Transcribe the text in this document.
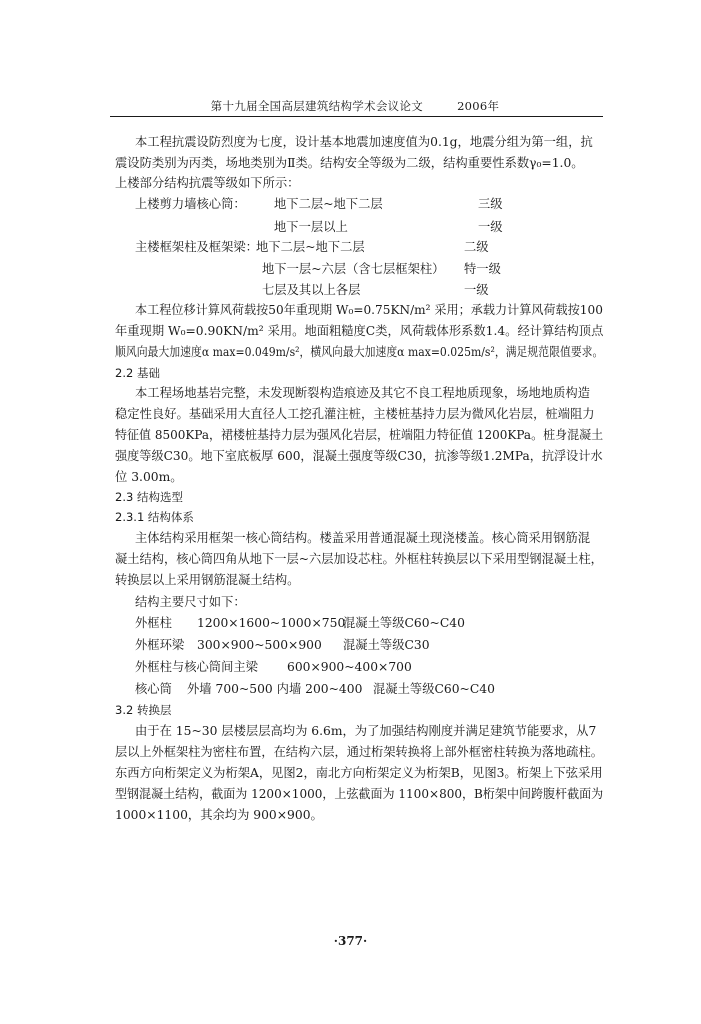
第十九届全国高层建筑结构学术会议论文	2006年
本工程抗震设防烈度为七度，设计基本地震加速度值为0.1g，地震分组为第一组，抗
震设防类别为丙类，场地类别为Ⅱ类。结构安全等级为二级，结构重要性系数γ₀=1.0。
上楼部分结构抗震等级如下所示：
上楼剪力墙核心筒： 地下二层~地下二层	三级
地下一层以上	一级
主楼框架柱及框架梁：
地下二层~地下二层	二级
地下一层~六层（含七层框架柱） 特一级
七层及其以上各层	一级
本工程位移计算风荷载按50年重现期 W₀=0.75KN/m² 采用；承载力计算风荷载按100
年重现期 W₀=0.90KN/m² 采用。地面粗糙度C类，风荷载体形系数1.4。经计算结构顶点
顺风向最大加速度α max=0.049m/s²，横风向最大加速度α max=0.025m/s²，满足规范限值要求。
2.2 基础
本工程场地基岩完整，未发现断裂构造痕迹及其它不良工程地质现象，场地地质构造
稳定性良好。基础采用大直径人工挖孔灌注桩，主楼桩基持力层为微风化岩层，桩端阻力
特征值 8500KPa，裙楼桩基持力层为强风化岩层，桩端阻力特征值 1200KPa。桩身混凝土
强度等级C30。地下室底板厚 600，混凝土强度等级C30，抗渗等级1.2MPa，抗浮设计水
位 3.00m。
2.3 结构选型
2.3.1 结构体系
主体结构采用框架一核心筒结构。楼盖采用普通混凝土现浇楼盖。核心筒采用钢筋混
凝土结构，核心筒四角从地下一层~六层加设芯柱。外框柱转换层以下采用型钢混凝土柱，
转换层以上采用钢筋混凝土结构。
结构主要尺寸如下：
外框柱 1200×1600~1000×750
混凝土等级C60~C40
外框环梁 300×900~500×900 混凝土等级C30
外框柱与核心筒间主梁 600×900~400×700
核心筒 外墙 700~500 内墙 200~400 混凝土等级C60~C40
3.2 转换层
由于在 15~30 层楼层层高均为 6.6m，为了加强结构刚度并满足建筑节能要求，从7
层以上外框架柱为密柱布置，在结构六层，通过桁架转换将上部外框密柱转换为落地疏柱。
东西方向桁架定义为桁架A，见图2，南北方向桁架定义为桁架B，见图3。桁架上下弦采用
型钢混凝土结构，截面为 1200×1000，上弦截面为 1100×800，B桁架中间跨腹杆截面为
1000×1100，其余均为 900×900。
·377·
